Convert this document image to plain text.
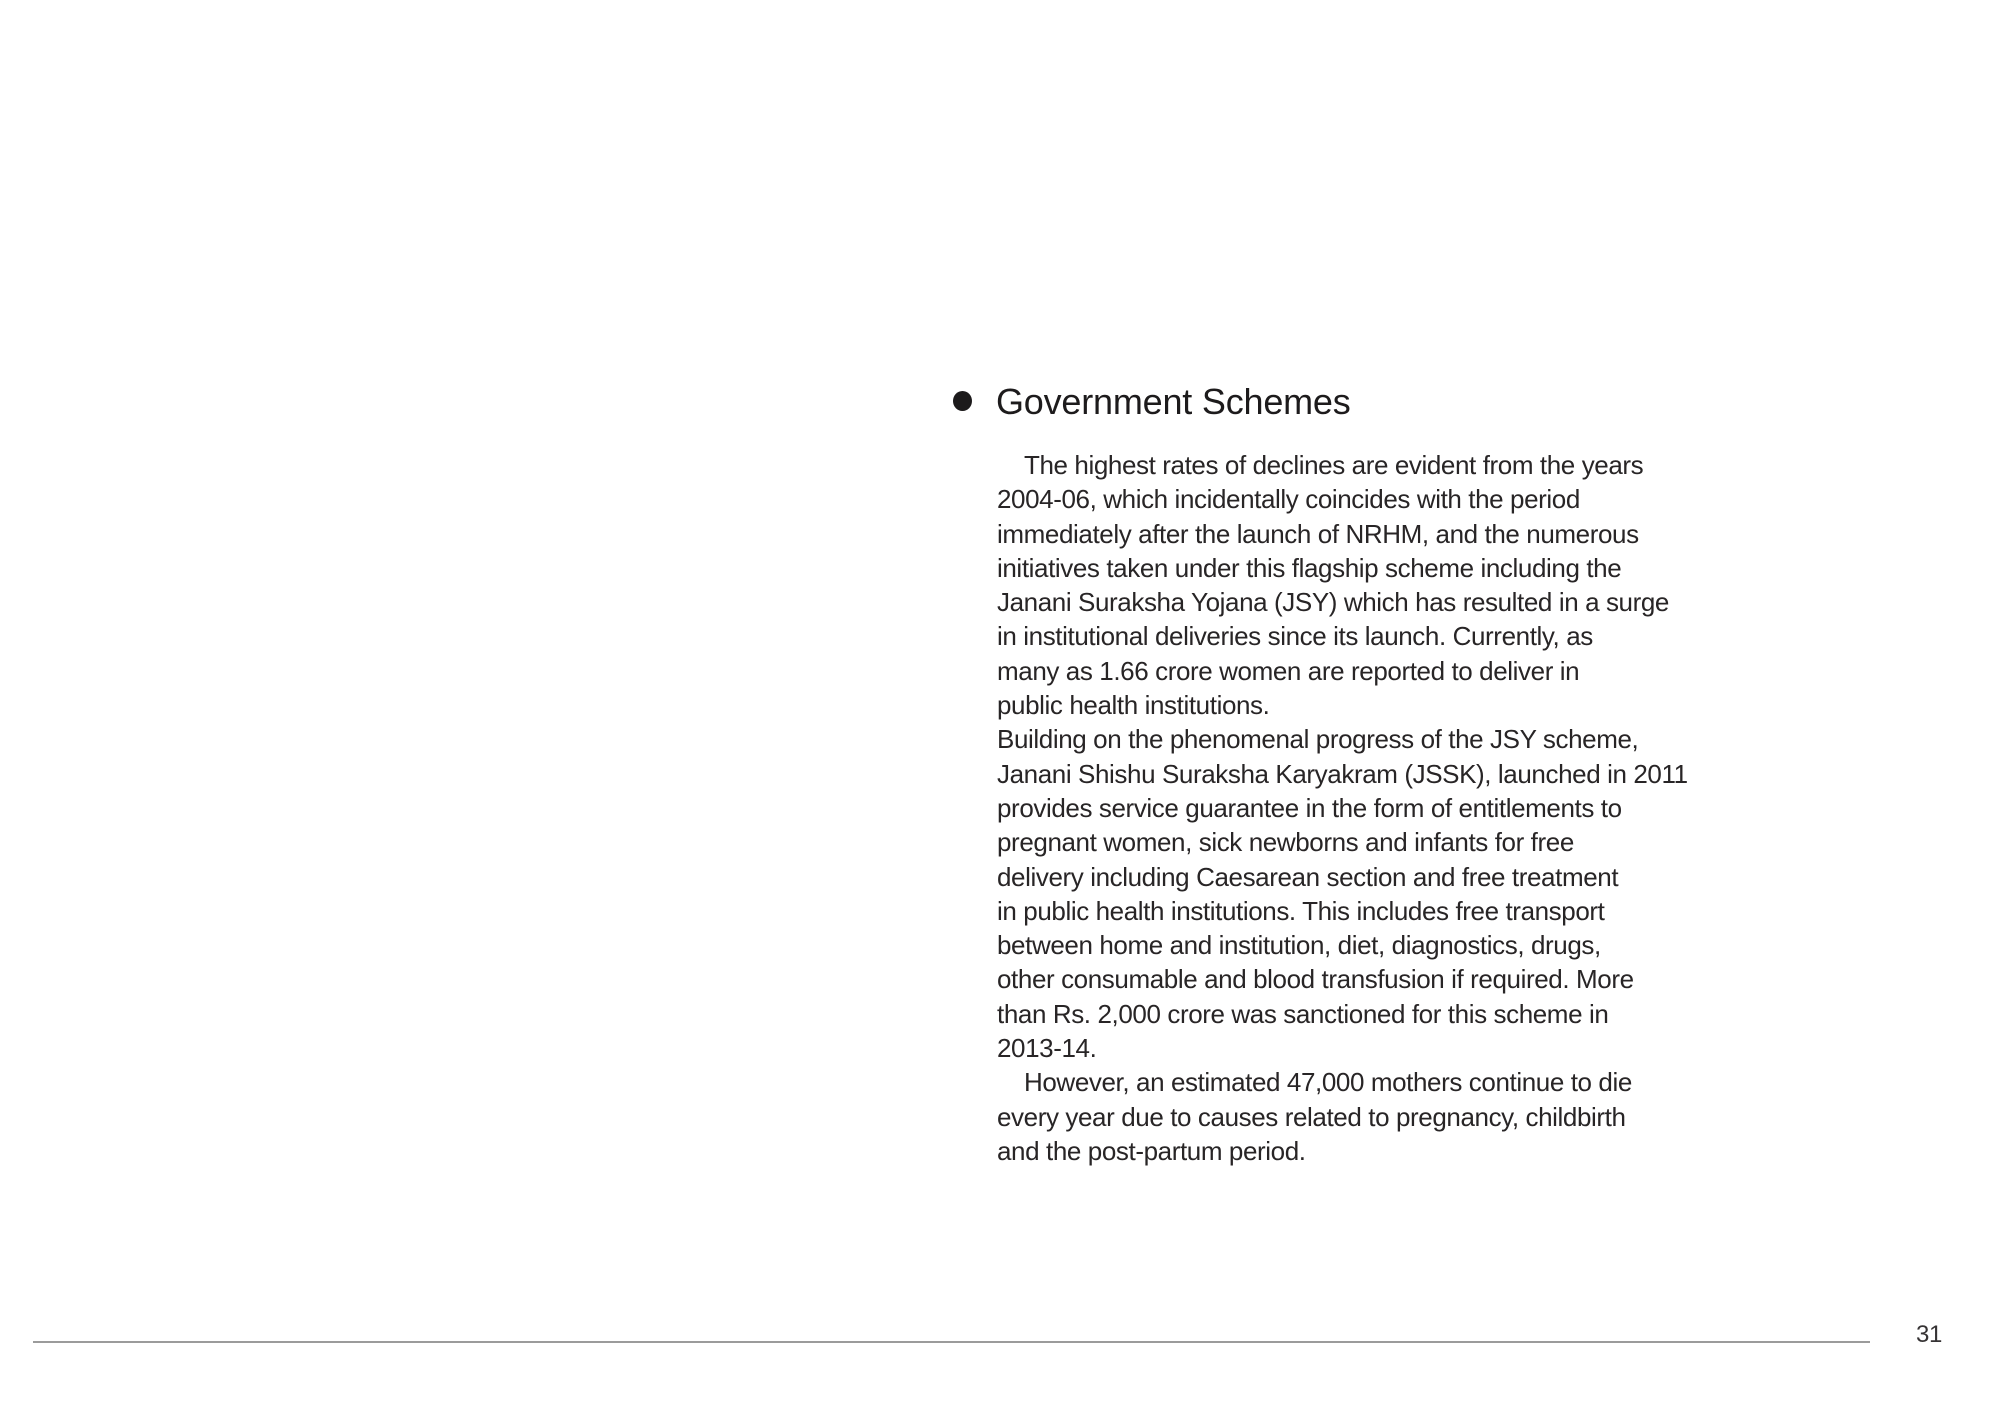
Government Schemes
The highest rates of declines are evident from the years
2004-06, which incidentally coincides with the period
immediately after the launch of NRHM, and the numerous
initiatives taken under this flagship scheme including the
Janani Suraksha Yojana (JSY) which has resulted in a surge
in institutional deliveries since its launch. Currently, as
many as 1.66 crore women are reported to deliver in
public health institutions.
Building on the phenomenal progress of the JSY scheme,
Janani Shishu Suraksha Karyakram (JSSK), launched in 2011
provides service guarantee in the form of entitlements to
pregnant women, sick newborns and infants for free
delivery including Caesarean section and free treatment
in public health institutions. This includes free transport
between home and institution, diet, diagnostics, drugs,
other consumable and blood transfusion if required. More
than Rs. 2,000 crore was sanctioned for this scheme in
2013-14.
However, an estimated 47,000 mothers continue to die
every year due to causes related to pregnancy, childbirth
and the post-partum period.
31
